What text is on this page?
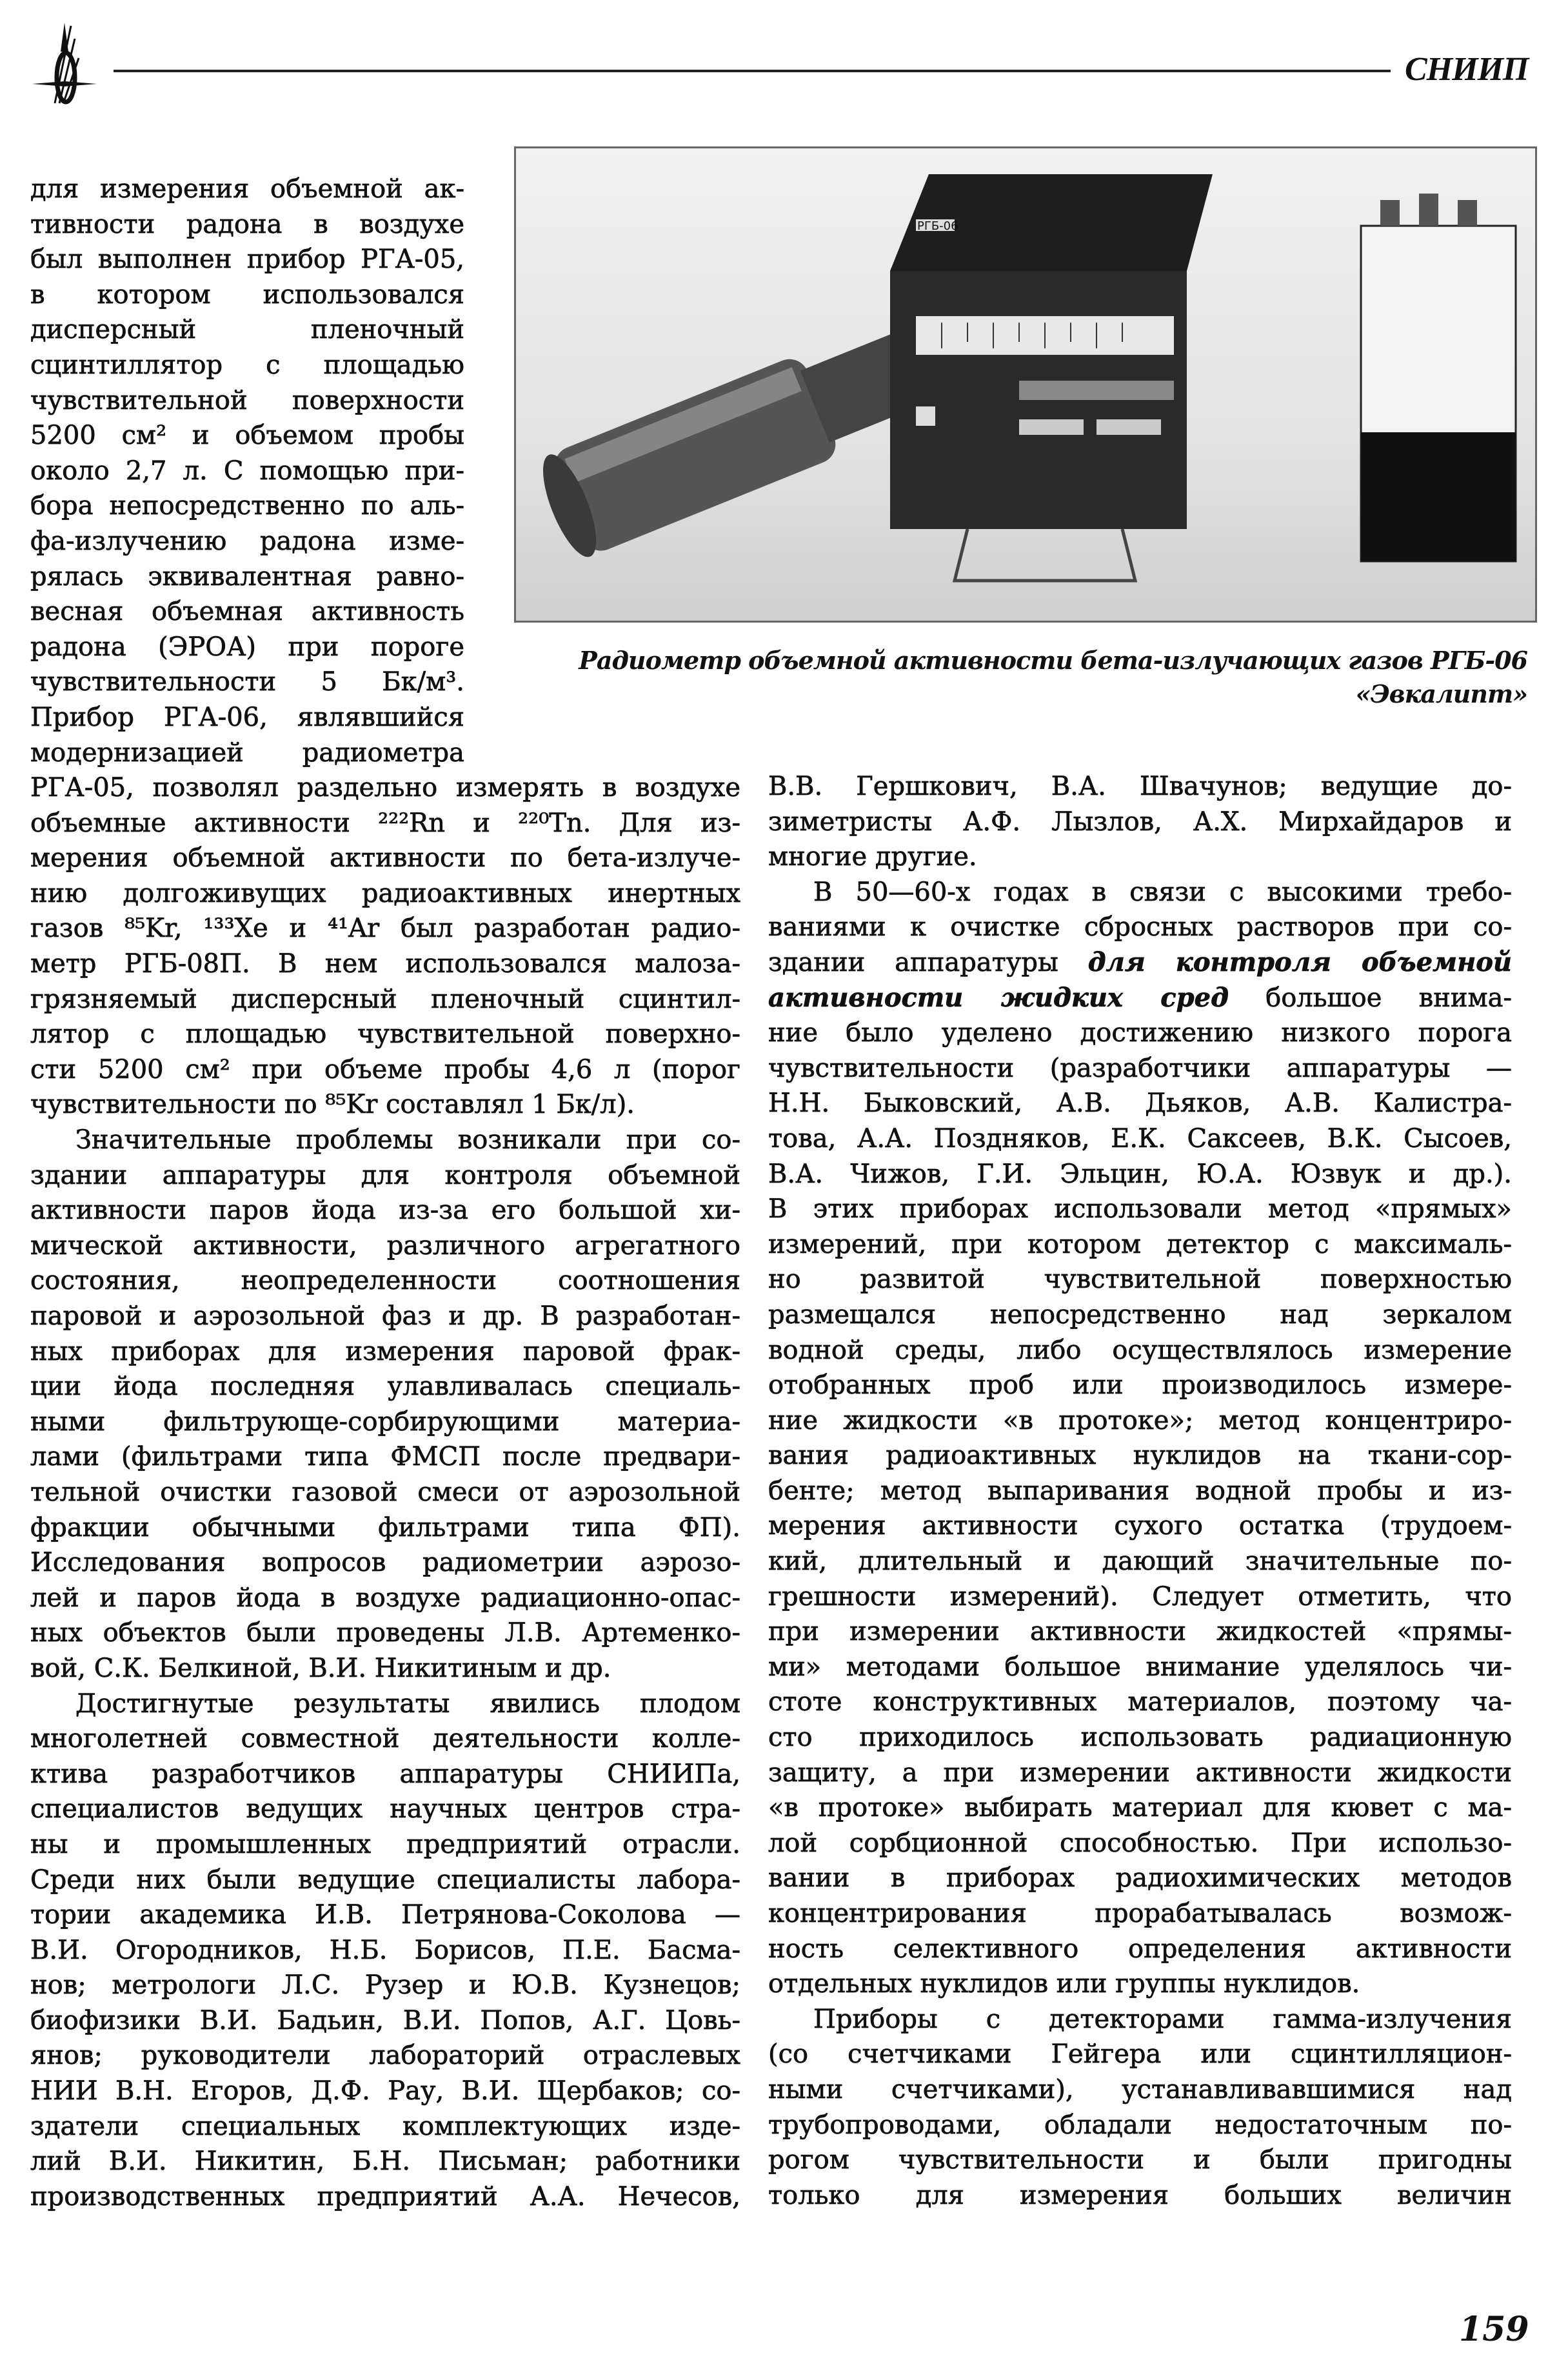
СНИИП
РГБ-06
Радиометр объемной активности бета-излучающих газов РГБ-06
«Эвкалипт»
для измерения объемной ак-
тивности радона в воздухе
был выполнен прибор РГА-05,
в котором использовался
дисперсный пленочный
сцинтиллятор с площадью
чувствительной поверхности
5200 см² и объемом пробы
около 2,7 л. С помощью при-
бора непосредственно по аль-
фа-излучению радона изме-
рялась эквивалентная равно-
весная объемная активность
радона (ЭРОА) при пороге
чувствительности 5 Бк/м³.
Прибор РГА-06, являвшийся
модернизацией радиометра
РГА-05, позволял раздельно измерять в воздухе
объемные активности ²²²Rn и ²²⁰Tn. Для из-
мерения объемной активности по бета-излуче-
нию долгоживущих радиоактивных инертных
газов ⁸⁵Kr, ¹³³Xe и ⁴¹Ar был разработан радио-
метр РГБ-08П. В нем использовался малоза-
грязняемый дисперсный пленочный сцинтил-
лятор с площадью чувствительной поверхно-
сти 5200 см² при объеме пробы 4,6 л (порог
чувствительности по ⁸⁵Kr составлял 1 Бк/л).
Значительные проблемы возникали при со-
здании аппаратуры для контроля объемной
активности паров йода из-за его большой хи-
мической активности, различного агрегатного
состояния, неопределенности соотношения
паровой и аэрозольной фаз и др. В разработан-
ных приборах для измерения паровой фрак-
ции йода последняя улавливалась специаль-
ными фильтрующе-сорбирующими материа-
лами (фильтрами типа ФМСП после предвари-
тельной очистки газовой смеси от аэрозольной
фракции обычными фильтрами типа ФП).
Исследования вопросов радиометрии аэрозо-
лей и паров йода в воздухе радиационно-опас-
ных объектов были проведены Л.В. Артеменко-
вой, С.К. Белкиной, В.И. Никитиным и др.
Достигнутые результаты явились плодом
многолетней совместной деятельности колле-
ктива разработчиков аппаратуры СНИИПа,
специалистов ведущих научных центров стра-
ны и промышленных предприятий отрасли.
Среди них были ведущие специалисты лабора-
тории академика И.В. Петрянова-Соколова —
В.И. Огородников, Н.Б. Борисов, П.Е. Басма-
нов; метрологи Л.С. Рузер и Ю.В. Кузнецов;
биофизики В.И. Бадьин, В.И. Попов, А.Г. Цовь-
янов; руководители лабораторий отраслевых
НИИ В.Н. Егоров, Д.Ф. Рау, В.И. Щербаков; со-
здатели специальных комплектующих изде-
лий В.И. Никитин, Б.Н. Письман; работники
производственных предприятий А.А. Нечесов,
В.В. Гершкович, В.А. Швачунов; ведущие до-
зиметристы А.Ф. Лызлов, А.Х. Мирхайдаров и
многие другие.
В 50—60-х годах в связи с высокими требо-
ваниями к очистке сбросных растворов при со-
здании аппаратуры для контроля объемной
активности жидких сред большое внима-
ние было уделено достижению низкого порога
чувствительности (разработчики аппаратуры —
Н.Н. Быковский, А.В. Дьяков, А.В. Калистра-
това, А.А. Поздняков, Е.К. Саксеев, В.К. Сысоев,
В.А. Чижов, Г.И. Эльцин, Ю.А. Юзвук и др.).
В этих приборах использовали метод «прямых»
измерений, при котором детектор с максималь-
но развитой чувствительной поверхностью
размещался непосредственно над зеркалом
водной среды, либо осуществлялось измерение
отобранных проб или производилось измере-
ние жидкости «в протоке»; метод концентриро-
вания радиоактивных нуклидов на ткани-сор-
бенте; метод выпаривания водной пробы и из-
мерения активности сухого остатка (трудоем-
кий, длительный и дающий значительные по-
грешности измерений). Следует отметить, что
при измерении активности жидкостей «прямы-
ми» методами большое внимание уделялось чи-
стоте конструктивных материалов, поэтому ча-
сто приходилось использовать радиационную
защиту, а при измерении активности жидкости
«в протоке» выбирать материал для кювет с ма-
лой сорбционной способностью. При использо-
вании в приборах радиохимических методов
концентрирования прорабатывалась возмож-
ность селективного определения активности
отдельных нуклидов или группы нуклидов.
Приборы с детекторами гамма-излучения
(со счетчиками Гейгера или сцинтилляцион-
ными счетчиками), устанавливавшимися над
трубопроводами, обладали недостаточным по-
рогом чувствительности и были пригодны
только для измерения больших величин
159
